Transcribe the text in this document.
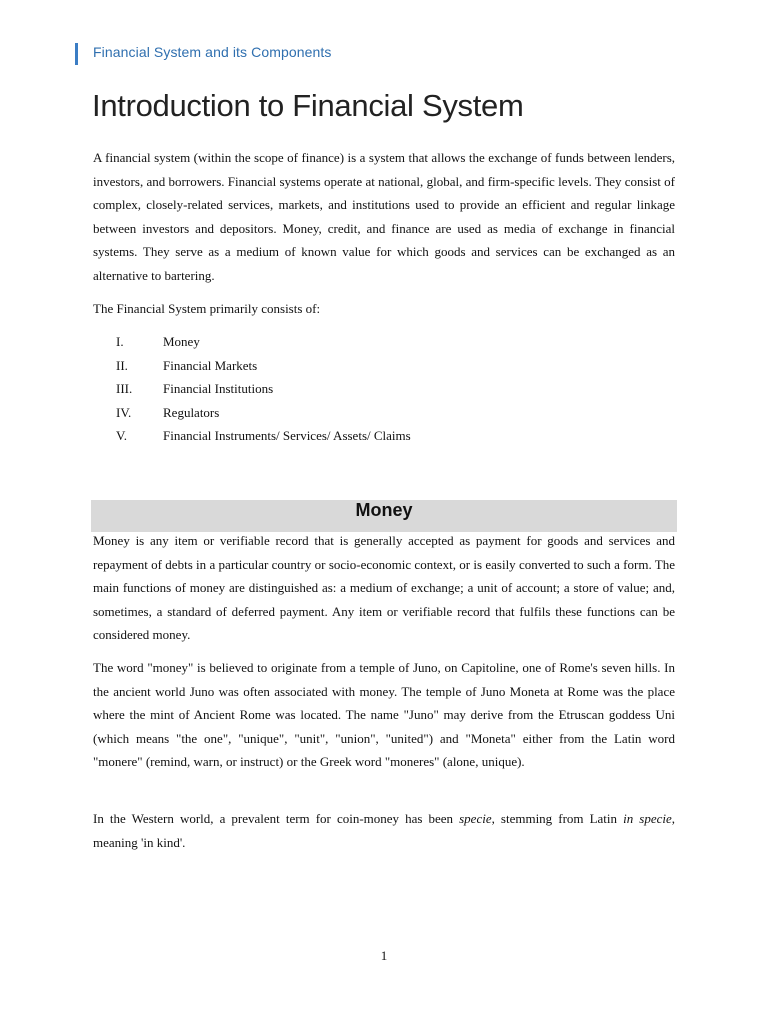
Financial System and its Components
Introduction to Financial System

A financial system (within the scope of finance) is a system that allows the exchange of funds between lenders, investors, and borrowers. Financial systems operate at national, global, and firm-specific levels. They consist of complex, closely-related services, markets, and institutions used to provide an efficient and regular linkage between investors and depositors. Money, credit, and finance are used as media of exchange in financial systems. They serve as a medium of known value for which goods and services can be exchanged as an alternative to bartering.

The Financial System primarily consists of:

I.	Money
II.	Financial Markets
III. Financial Institutions
IV. Regulators
V.	Financial Instruments/ Services/ Assets/ Claims
Money

Money is any item or verifiable record that is generally accepted as payment for goods and services and repayment of debts in a particular country or socio-economic context, or is easily converted to such a form. The main functions of money are distinguished as: a medium of exchange; a unit of account; a store of value; and, sometimes, a standard of deferred payment. Any item or verifiable record that fulfils these functions can be considered money.

The word "money" is believed to originate from a temple of Juno, on Capitoline, one of Rome's seven hills. In the ancient world Juno was often associated with money. The temple of Juno Moneta at Rome was the place where the mint of Ancient Rome was located. The name "Juno" may derive from the Etruscan goddess Uni (which means "the one", "unique", "unit", "union", "united") and "Moneta" either from the Latin word "monere" (remind, warn, or instruct) or the Greek word "moneres" (alone, unique).

In the Western world, a prevalent term for coin-money has been specie, stemming from Latin in specie, meaning 'in kind'.

1
